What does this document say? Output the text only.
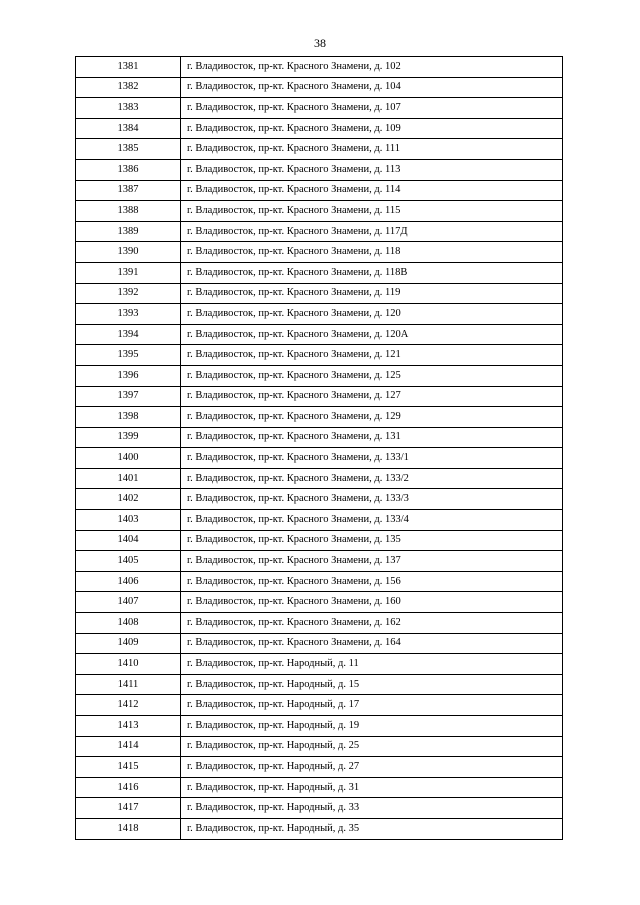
38
1381	г. Владивосток, пр-кт. Красного Знамени, д. 102
1382	г. Владивосток, пр-кт. Красного Знамени, д. 104
1383	г. Владивосток, пр-кт. Красного Знамени, д. 107
1384	г. Владивосток, пр-кт. Красного Знамени, д. 109
1385	г. Владивосток, пр-кт. Красного Знамени, д. 111
1386	г. Владивосток, пр-кт. Красного Знамени, д. 113
1387	г. Владивосток, пр-кт. Красного Знамени, д. 114
1388	г. Владивосток, пр-кт. Красного Знамени, д. 115
1389	г. Владивосток, пр-кт. Красного Знамени, д. 117Д
1390	г. Владивосток, пр-кт. Красного Знамени, д. 118
1391	г. Владивосток, пр-кт. Красного Знамени, д. 118В
1392	г. Владивосток, пр-кт. Красного Знамени, д. 119
1393	г. Владивосток, пр-кт. Красного Знамени, д. 120
1394	г. Владивосток, пр-кт. Красного Знамени, д. 120А
1395	г. Владивосток, пр-кт. Красного Знамени, д. 121
1396	г. Владивосток, пр-кт. Красного Знамени, д. 125
1397	г. Владивосток, пр-кт. Красного Знамени, д. 127
1398	г. Владивосток, пр-кт. Красного Знамени, д. 129
1399	г. Владивосток, пр-кт. Красного Знамени, д. 131
1400	г. Владивосток, пр-кт. Красного Знамени, д. 133/1
1401	г. Владивосток, пр-кт. Красного Знамени, д. 133/2
1402	г. Владивосток, пр-кт. Красного Знамени, д. 133/3
1403	г. Владивосток, пр-кт. Красного Знамени, д. 133/4
1404	г. Владивосток, пр-кт. Красного Знамени, д. 135
1405	г. Владивосток, пр-кт. Красного Знамени, д. 137
1406	г. Владивосток, пр-кт. Красного Знамени, д. 156
1407	г. Владивосток, пр-кт. Красного Знамени, д. 160
1408	г. Владивосток, пр-кт. Красного Знамени, д. 162
1409	г. Владивосток, пр-кт. Красного Знамени, д. 164
1410	г. Владивосток, пр-кт. Народный, д. 11
1411	г. Владивосток, пр-кт. Народный, д. 15
1412	г. Владивосток, пр-кт. Народный, д. 17
1413	г. Владивосток, пр-кт. Народный, д. 19
1414	г. Владивосток, пр-кт. Народный, д. 25
1415	г. Владивосток, пр-кт. Народный, д. 27
1416	г. Владивосток, пр-кт. Народный, д. 31
1417	г. Владивосток, пр-кт. Народный, д. 33
1418	г. Владивосток, пр-кт. Народный, д. 35
